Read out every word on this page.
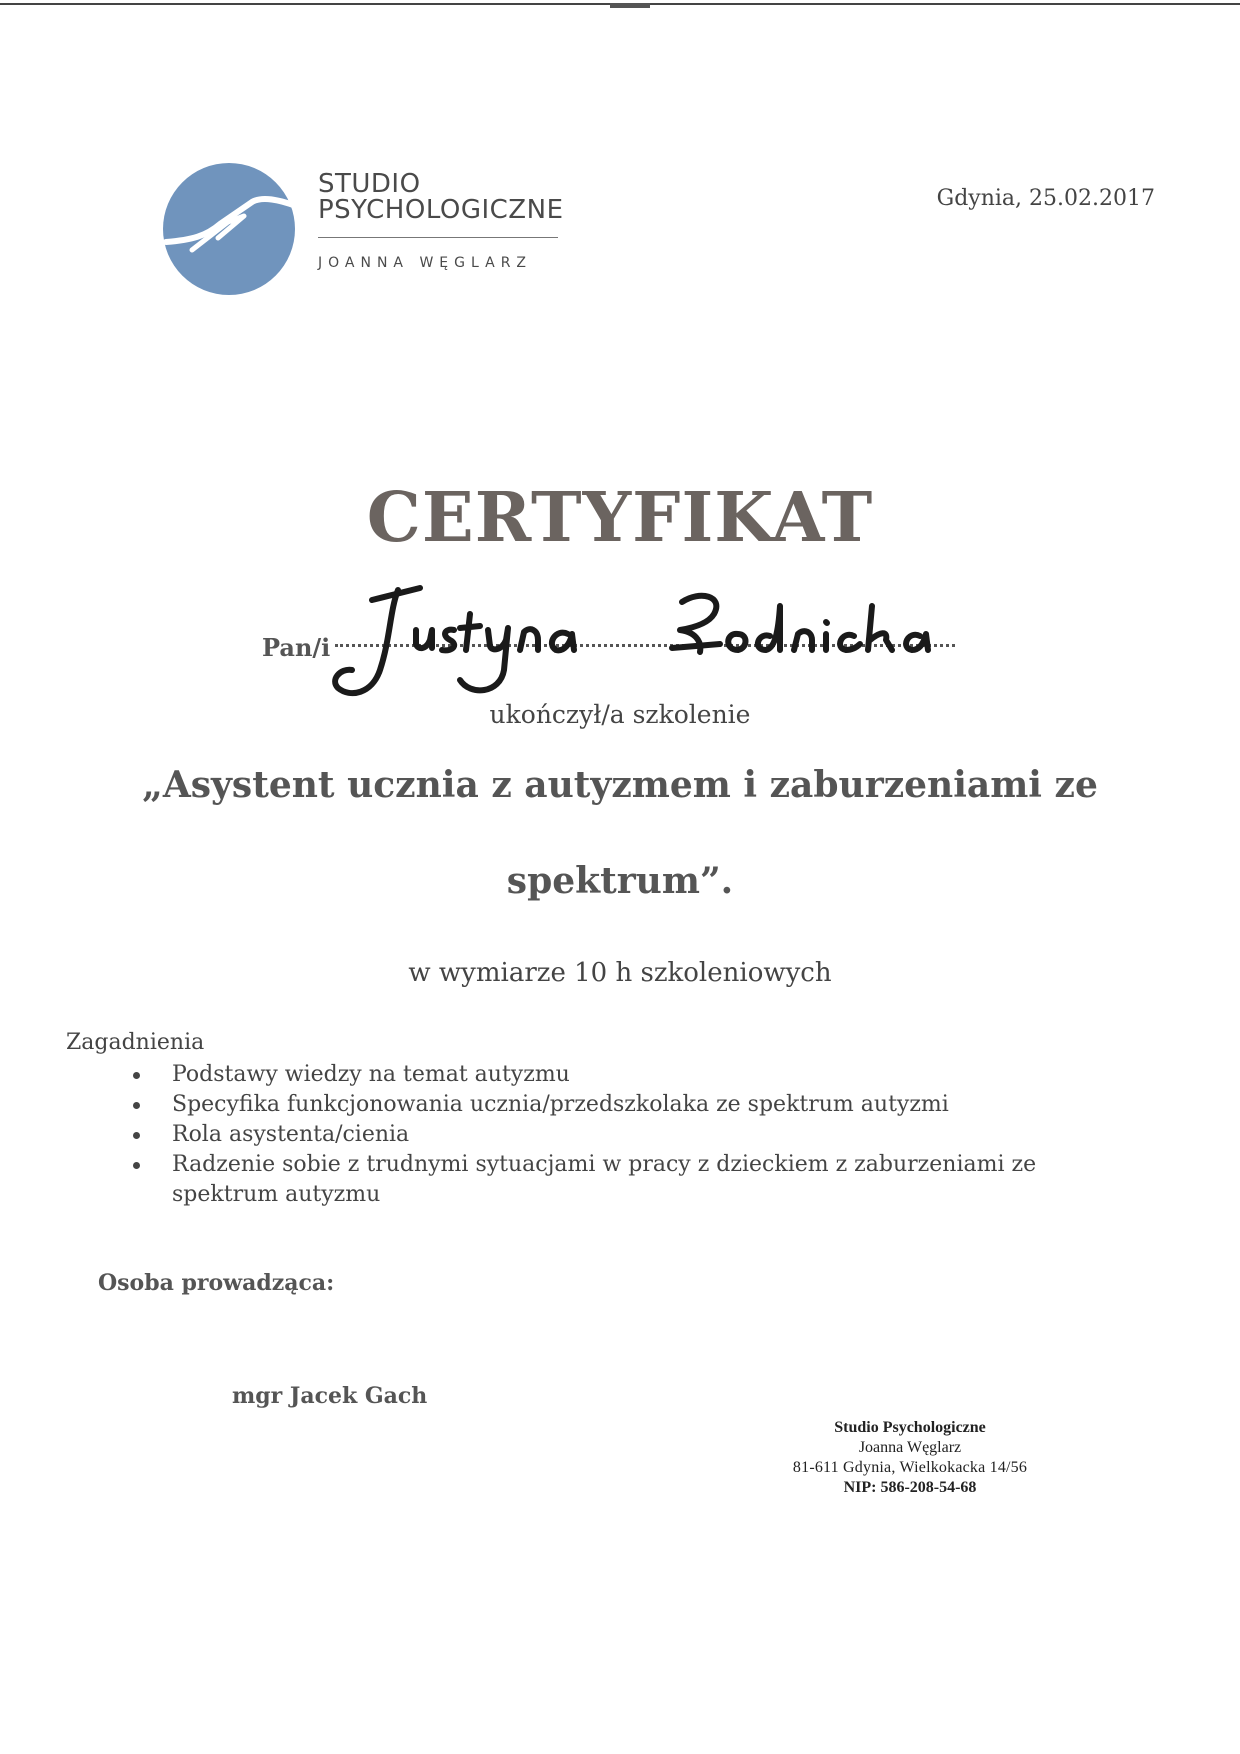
STUDIO
PSYCHOLOGICZNE
JOANNA WĘGLARZ
Gdynia, 25.02.2017
CERTYFIKAT
Pan/i
ukończył/a szkolenie
„Asystent ucznia z autyzmem i zaburzeniami ze
spektrum”.
w wymiarze 10 h szkoleniowych
Zagadnienia
Podstawy wiedzy na temat autyzmu
Specyfika funkcjonowania ucznia/przedszkolaka ze spektrum autyzmi
Rola asystenta/cienia
Radzenie sobie z trudnymi sytuacjami w pracy z dzieckiem z zaburzeniami ze spektrum autyzmu
Osoba prowadząca:
mgr Jacek Gach
Studio Psychologiczne
Joanna Węglarz
81-611 Gdynia, Wielkokacka 14/56
NIP: 586-208-54-68
